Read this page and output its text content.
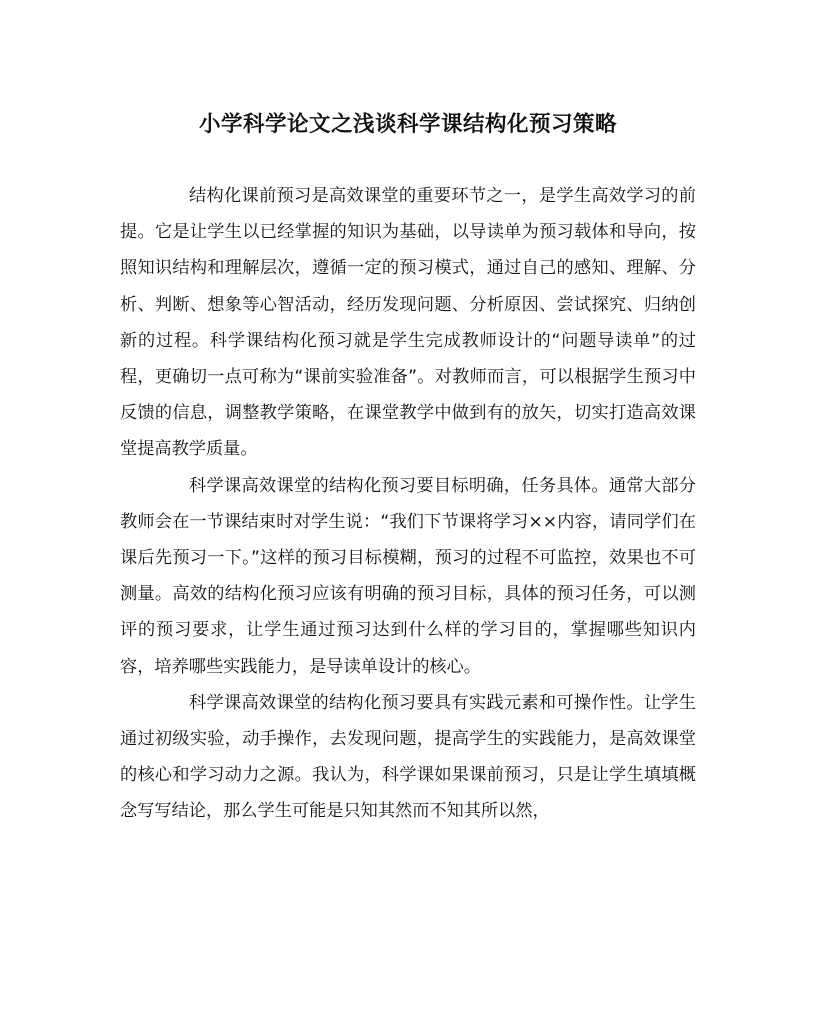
小学科学论文之浅谈科学课结构化预习策略

结构化课前预习是高效课堂的重要环节之一，是学生高效学习的前提。它是让学生以已经掌握的知识为基础，以导读单为预习载体和导向，按照知识结构和理解层次，遵循一定的预习模式，通过自己的感知、理解、分析、判断、想象等心智活动，经历发现问题、分析原因、尝试探究、归纳创新的过程。科学课结构化预习就是学生完成教师设计的“问题导读单”的过程，更确切一点可称为“课前实验准备”。对教师而言，可以根据学生预习中反馈的信息，调整教学策略，在课堂教学中做到有的放矢，切实打造高效课堂提高教学质量。

科学课高效课堂的结构化预习要目标明确，任务具体。通常大部分教师会在一节课结束时对学生说：“我们下节课将学习××内容，请同学们在课后先预习一下。”这样的预习目标模糊，预习的过程不可监控，效果也不可测量。高效的结构化预习应该有明确的预习目标，具体的预习任务，可以测评的预习要求，让学生通过预习达到什么样的学习目的，掌握哪些知识内容，培养哪些实践能力，是导读单设计的核心。

科学课高效课堂的结构化预习要具有实践元素和可操作性。让学生通过初级实验，动手操作，去发现问题，提高学生的实践能力，是高效课堂的核心和学习动力之源。我认为，科学课如果课前预习，只是让学生填填概念写写结论，那么学生可能是只知其然而不知其所以然，
